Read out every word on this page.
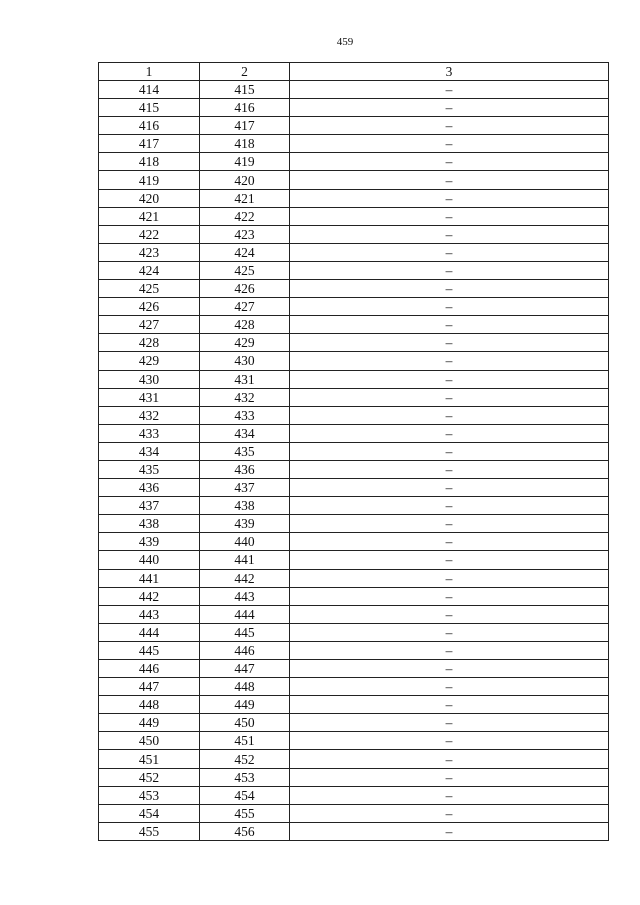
459
1	2	3
414	415	–
415	416	–
416	417	–
417	418	–
418	419	–
419	420	–
420	421	–
421	422	–
422	423	–
423	424	–
424	425	–
425	426	–
426	427	–
427	428	–
428	429	–
429	430	–
430	431	–
431	432	–
432	433	–
433	434	–
434	435	–
435	436	–
436	437	–
437	438	–
438	439	–
439	440	–
440	441	–
441	442	–
442	443	–
443	444	–
444	445	–
445	446	–
446	447	–
447	448	–
448	449	–
449	450	–
450	451	–
451	452	–
452	453	–
453	454	–
454	455	–
455	456	–
